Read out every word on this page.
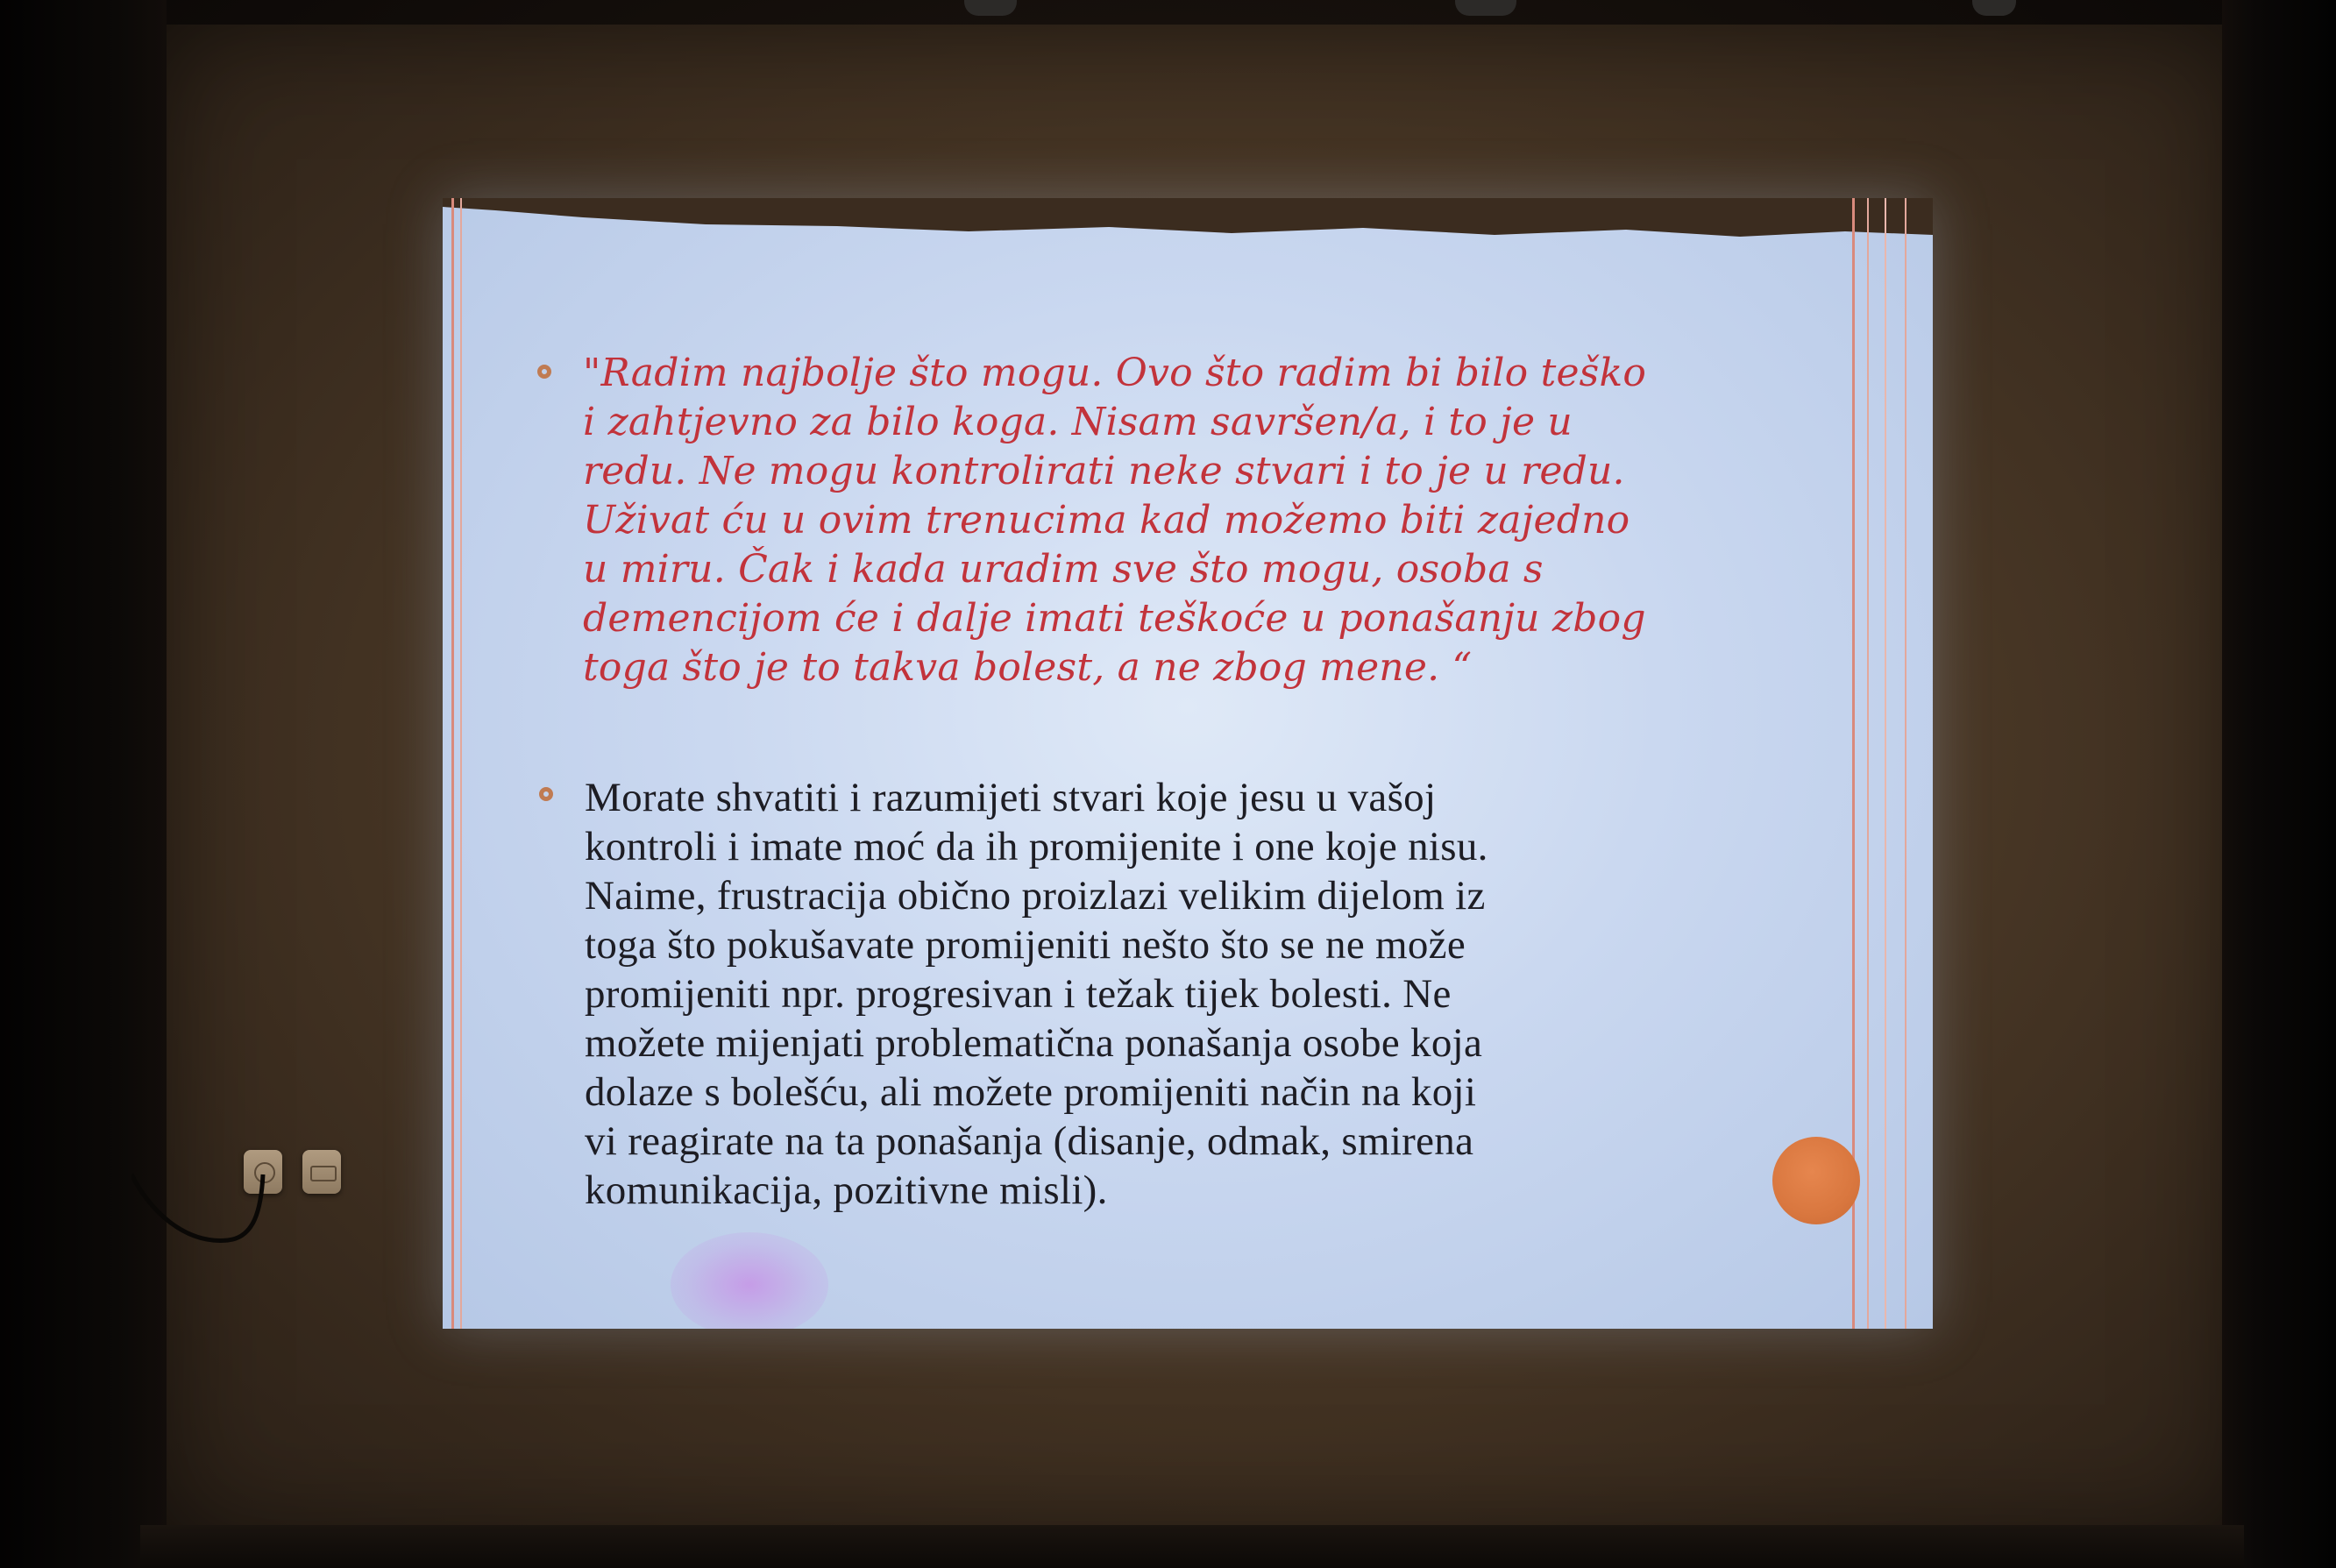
"Radim najbolje što mogu. Ovo što radim bi bilo teško
i zahtjevno za bilo koga. Nisam savršen/a, i to je u
redu. Ne mogu kontrolirati neke stvari i to je u redu.
Uživat ću u ovim trenucima kad možemo biti zajedno
u miru. Čak i kada uradim sve što mogu, osoba s
demencijom će i dalje imati teškoće u ponašanju zbog
toga što je to takva bolest, a ne zbog mene. “
Morate shvatiti i razumijeti stvari koje jesu u vašoj
kontroli i imate moć da ih promijenite i one koje nisu.
Naime, frustracija obično proizlazi velikim dijelom iz
toga što pokušavate promijeniti nešto što se ne može
promijeniti npr. progresivan i težak tijek bolesti. Ne
možete mijenjati problematična ponašanja osobe koja
dolaze s bolešću, ali možete promijeniti način na koji
vi reagirate na ta ponašanja (disanje, odmak, smirena
komunikacija, pozitivne misli).
